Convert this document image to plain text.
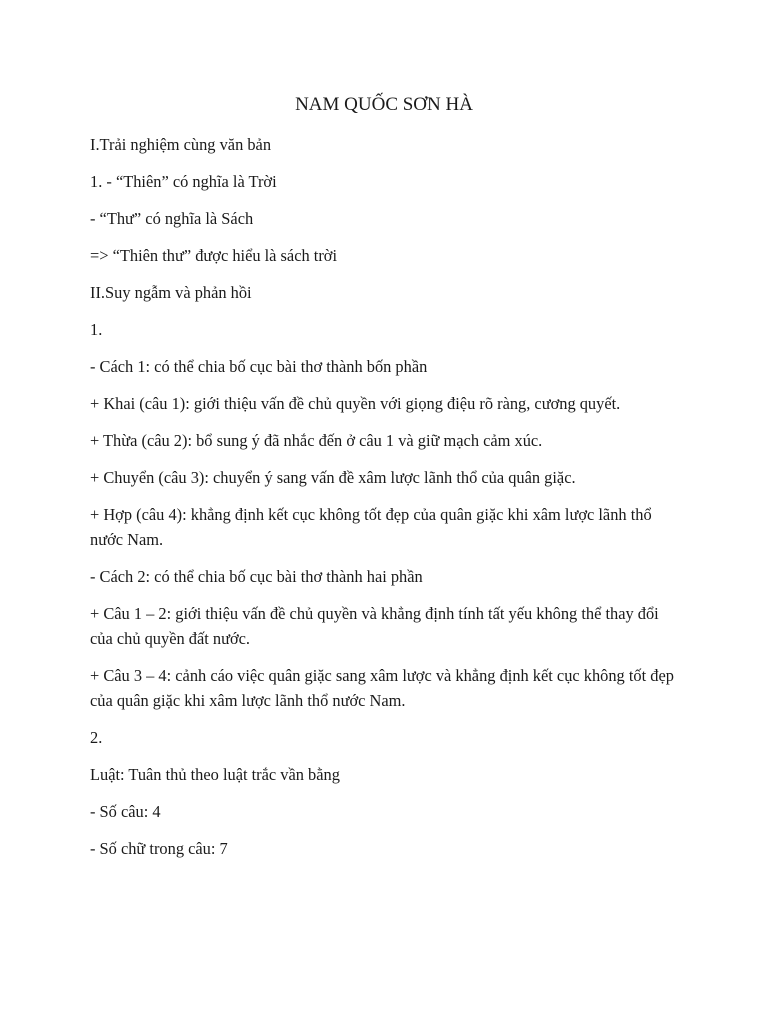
NAM QUỐC SƠN HÀ

I.Trải nghiệm cùng văn bản

1. - “Thiên” có nghĩa là Trời

- “Thư” có nghĩa là Sách

=> “Thiên thư” được hiểu là sách trời

II.Suy ngẫm và phản hồi

1.

- Cách 1: có thể chia bố cục bài thơ thành bốn phần

+ Khai (câu 1): giới thiệu vấn đề chủ quyền với giọng điệu rõ ràng, cương quyết.

+ Thừa (câu 2): bổ sung ý đã nhắc đến ở câu 1 và giữ mạch cảm xúc.

+ Chuyển (câu 3): chuyển ý sang vấn đề xâm lược lãnh thổ của quân giặc.

+ Hợp (câu 4): khẳng định kết cục không tốt đẹp của quân giặc khi xâm lược lãnh thổ nước Nam.

- Cách 2: có thể chia bố cục bài thơ thành hai phần

+ Câu 1 – 2: giới thiệu vấn đề chủ quyền và khẳng định tính tất yếu không thể thay đổi của chủ quyền đất nước.

+ Câu 3 – 4: cảnh cáo việc quân giặc sang xâm lược và khẳng định kết cục không tốt đẹp của quân giặc khi xâm lược lãnh thổ nước Nam.

2.

Luật: Tuân thủ theo luật trắc vần bằng

- Số câu: 4

- Số chữ trong câu: 7
